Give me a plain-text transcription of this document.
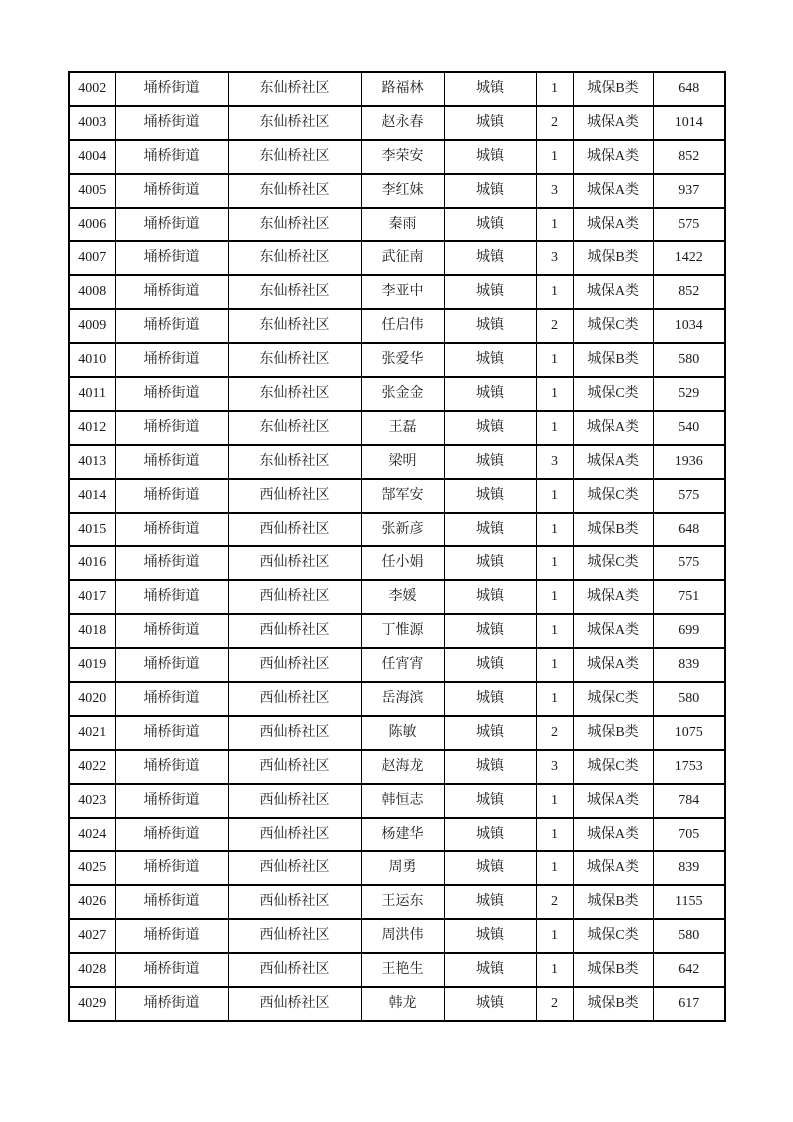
4002	埇桥街道	东仙桥社区	路福林	城镇	1	城保B类	648
4003	埇桥街道	东仙桥社区	赵永春	城镇	2	城保A类	1014
4004	埇桥街道	东仙桥社区	李荣安	城镇	1	城保A类	852
4005	埇桥街道	东仙桥社区	李红妹	城镇	3	城保A类	937
4006	埇桥街道	东仙桥社区	秦雨	城镇	1	城保A类	575
4007	埇桥街道	东仙桥社区	武征南	城镇	3	城保B类	1422
4008	埇桥街道	东仙桥社区	李亚中	城镇	1	城保A类	852
4009	埇桥街道	东仙桥社区	任启伟	城镇	2	城保C类	1034
4010	埇桥街道	东仙桥社区	张爱华	城镇	1	城保B类	580
4011	埇桥街道	东仙桥社区	张金金	城镇	1	城保C类	529
4012	埇桥街道	东仙桥社区	王磊	城镇	1	城保A类	540
4013	埇桥街道	东仙桥社区	梁明	城镇	3	城保A类	1936
4014	埇桥街道	西仙桥社区	郜军安	城镇	1	城保C类	575
4015	埇桥街道	西仙桥社区	张新彦	城镇	1	城保B类	648
4016	埇桥街道	西仙桥社区	任小娟	城镇	1	城保C类	575
4017	埇桥街道	西仙桥社区	李媛	城镇	1	城保A类	751
4018	埇桥街道	西仙桥社区	丁惟源	城镇	1	城保A类	699
4019	埇桥街道	西仙桥社区	任宵宵	城镇	1	城保A类	839
4020	埇桥街道	西仙桥社区	岳海滨	城镇	1	城保C类	580
4021	埇桥街道	西仙桥社区	陈敏	城镇	2	城保B类	1075
4022	埇桥街道	西仙桥社区	赵海龙	城镇	3	城保C类	1753
4023	埇桥街道	西仙桥社区	韩恒志	城镇	1	城保A类	784
4024	埇桥街道	西仙桥社区	杨建华	城镇	1	城保A类	705
4025	埇桥街道	西仙桥社区	周勇	城镇	1	城保A类	839
4026	埇桥街道	西仙桥社区	王运东	城镇	2	城保B类	1155
4027	埇桥街道	西仙桥社区	周洪伟	城镇	1	城保C类	580
4028	埇桥街道	西仙桥社区	王艳生	城镇	1	城保B类	642
4029	埇桥街道	西仙桥社区	韩龙	城镇	2	城保B类	617
